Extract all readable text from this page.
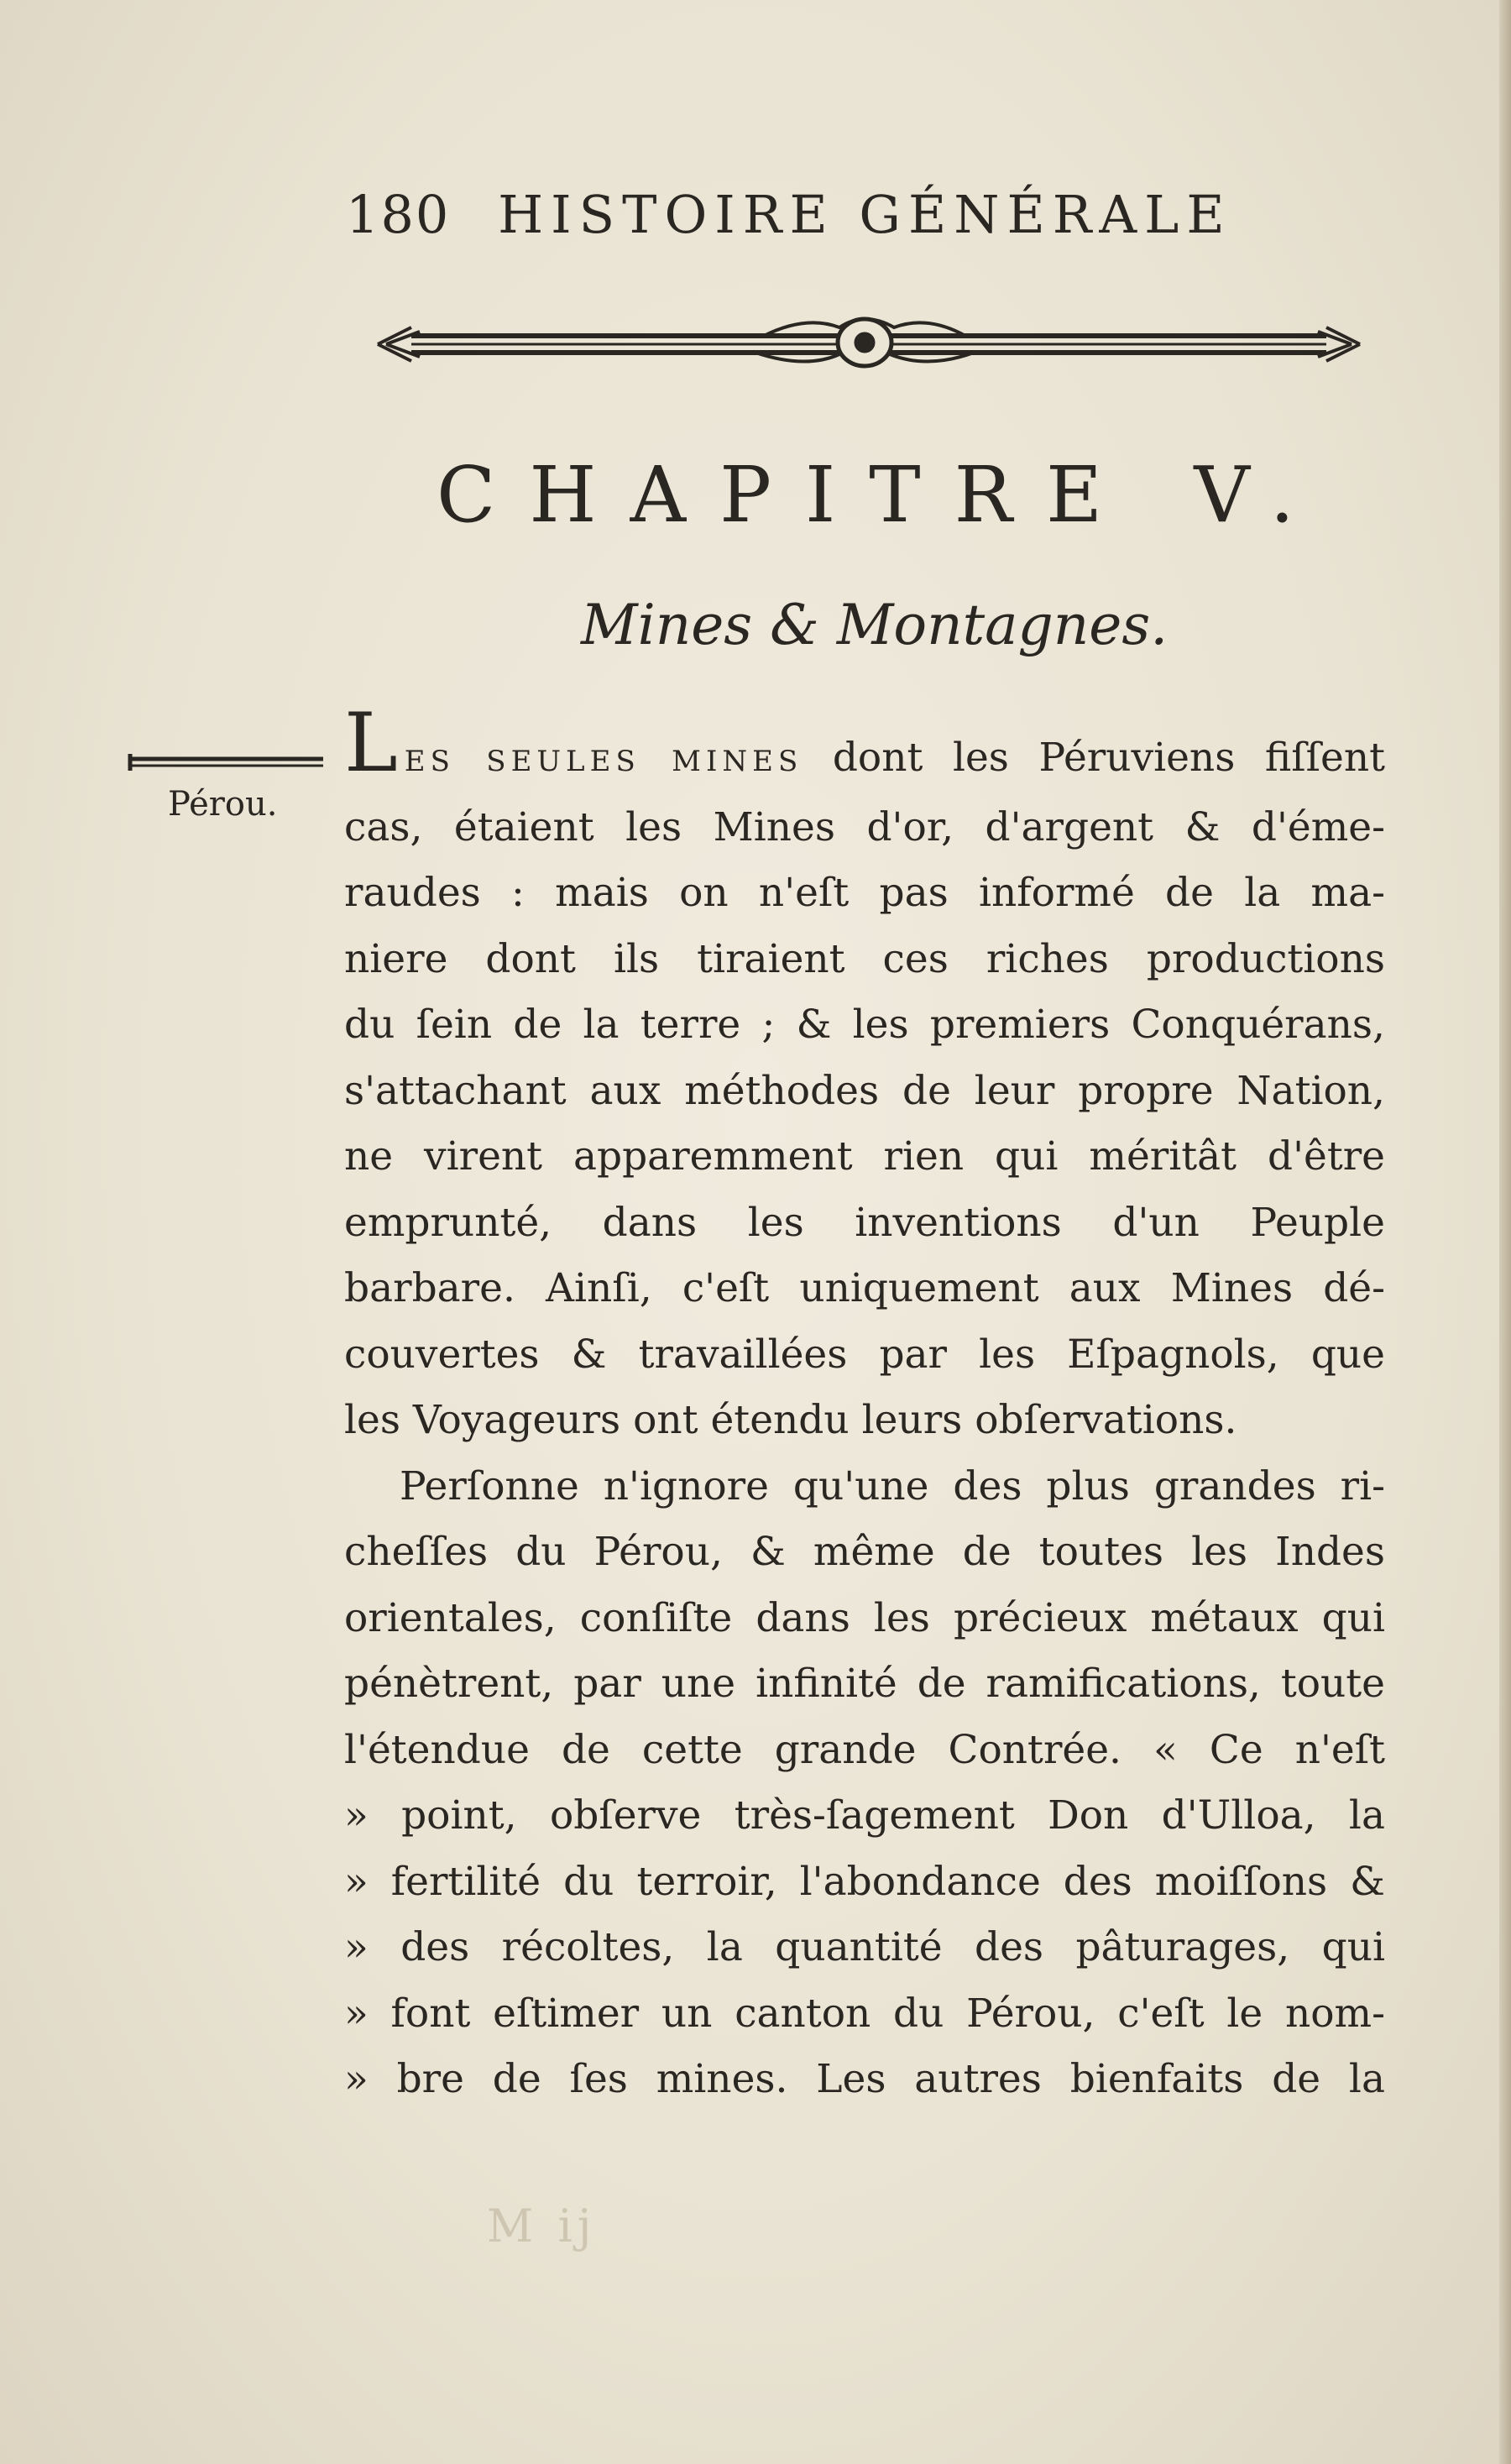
180 HISTOIRE GÉNÉRALE
CHAPITRE V.
Mines & Montagnes.
Pérou.
LES SEULES MINES dont les Péruviens fiſſent
cas, étaient les Mines d'or, d'argent & d'éme-
raudes : mais on n'eſt pas informé de la ma-
niere dont ils tiraient ces riches productions
du ſein de la terre ; & les premiers Conquérans,
s'attachant aux méthodes de leur propre Nation,
ne virent apparemment rien qui méritât d'être
emprunté, dans les inventions d'un Peuple
barbare. Ainſi, c'eſt uniquement aux Mines dé-
couvertes & travaillées par les Eſpagnols, que
les Voyageurs ont étendu leurs obſervations.
Perſonne n'ignore qu'une des plus grandes ri-
cheſſes du Pérou, & même de toutes les Indes
orientales, conſiſte dans les précieux métaux qui
pénètrent, par une infinité de ramifications, toute
l'étendue de cette grande Contrée. « Ce n'eſt
» point, obſerve très-ſagement Don d'Ulloa, la
» fertilité du terroir, l'abondance des moiſſons &
» des récoltes, la quantité des pâturages, qui
» font eſtimer un canton du Pérou, c'eſt le nom-
» bre de ſes mines. Les autres bienfaits de la
M ij
